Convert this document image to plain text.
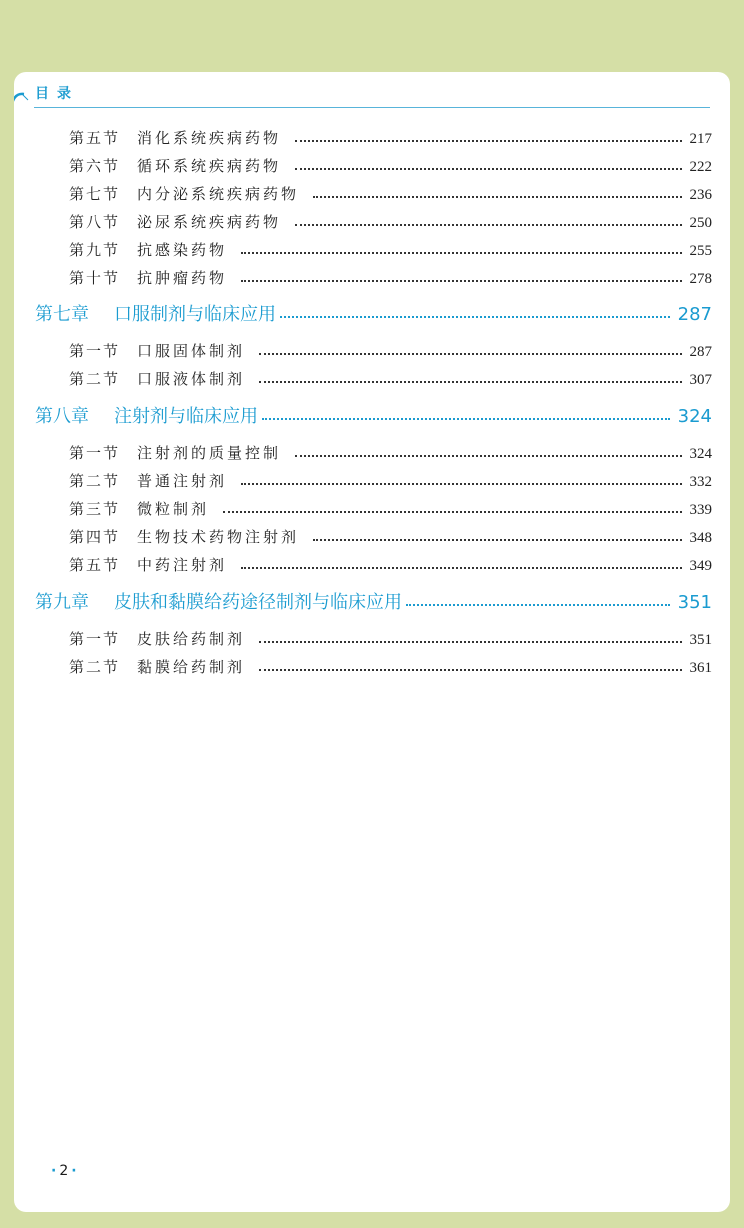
目录
第五节	消化系统疾病药物	217
第六节	循环系统疾病药物	222
第七节	内分泌系统疾病药物	236
第八节	泌尿系统疾病药物	250
第九节	抗感染药物	255
第十节	抗肿瘤药物	278
第七章	口服制剂与临床应用	287
第一节	口服固体制剂	287
第二节	口服液体制剂	307
第八章	注射剂与临床应用	324
第一节	注射剂的质量控制	324
第二节	普通注射剂	332
第三节	微粒制剂	339
第四节	生物技术药物注射剂	348
第五节	中药注射剂	349
第九章	皮肤和黏膜给药途径制剂与临床应用	351
第一节	皮肤给药制剂	351
第二节	黏膜给药制剂	361
· 2 ·
